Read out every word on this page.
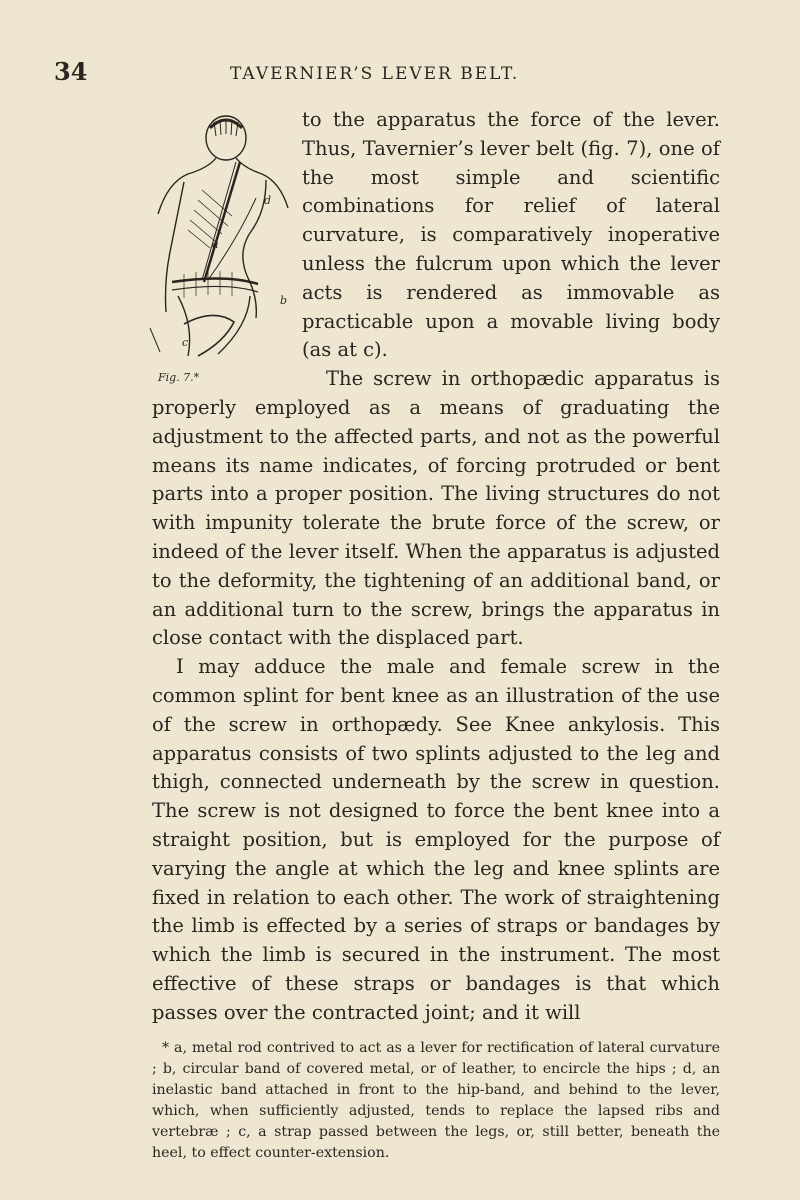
34	TAVERNIER’S LEVER BELT.
a
d
b
c
Fig. 7.*

to the apparatus the force of the lever. Thus, Tavernier’s lever belt (fig. 7), one of the most simple and scientific combinations for relief of lateral curvature, is comparatively inoperative unless the fulcrum upon which the lever acts is rendered as immovable as practicable upon a movable living body (as at c).

The screw in orthopædic apparatus is properly employed as a means of graduating the adjustment to the affected parts, and not as the powerful means its name indicates, of forcing protruded or bent parts into a proper position. The living structures do not with impunity tolerate the brute force of the screw, or indeed of the lever itself. When the apparatus is adjusted to the deformity, the tightening of an additional band, or an additional turn to the screw, brings the apparatus in close contact with the displaced part.

I may adduce the male and female screw in the common splint for bent knee as an illustration of the use of the screw in orthopædy. See Knee ankylosis. This apparatus consists of two splints adjusted to the leg and thigh, connected underneath by the screw in question. The screw is not designed to force the bent knee into a straight position, but is employed for the purpose of varying the angle at which the leg and knee splints are fixed in relation to each other. The work of straightening the limb is effected by a series of straps or bandages by which the limb is secured in the instrument. The most effective of these straps or bandages is that which passes over the contracted joint; and it will

* a, metal rod contrived to act as a lever for rectification of lateral curvature ; b, circular band of covered metal, or of leather, to encircle the hips ; d, an inelastic band attached in front to the hip-band, and behind to the lever, which, when sufficiently adjusted, tends to replace the lapsed ribs and vertebræ ; c, a strap passed between the legs, or, still better, beneath the heel, to effect counter-extension.
